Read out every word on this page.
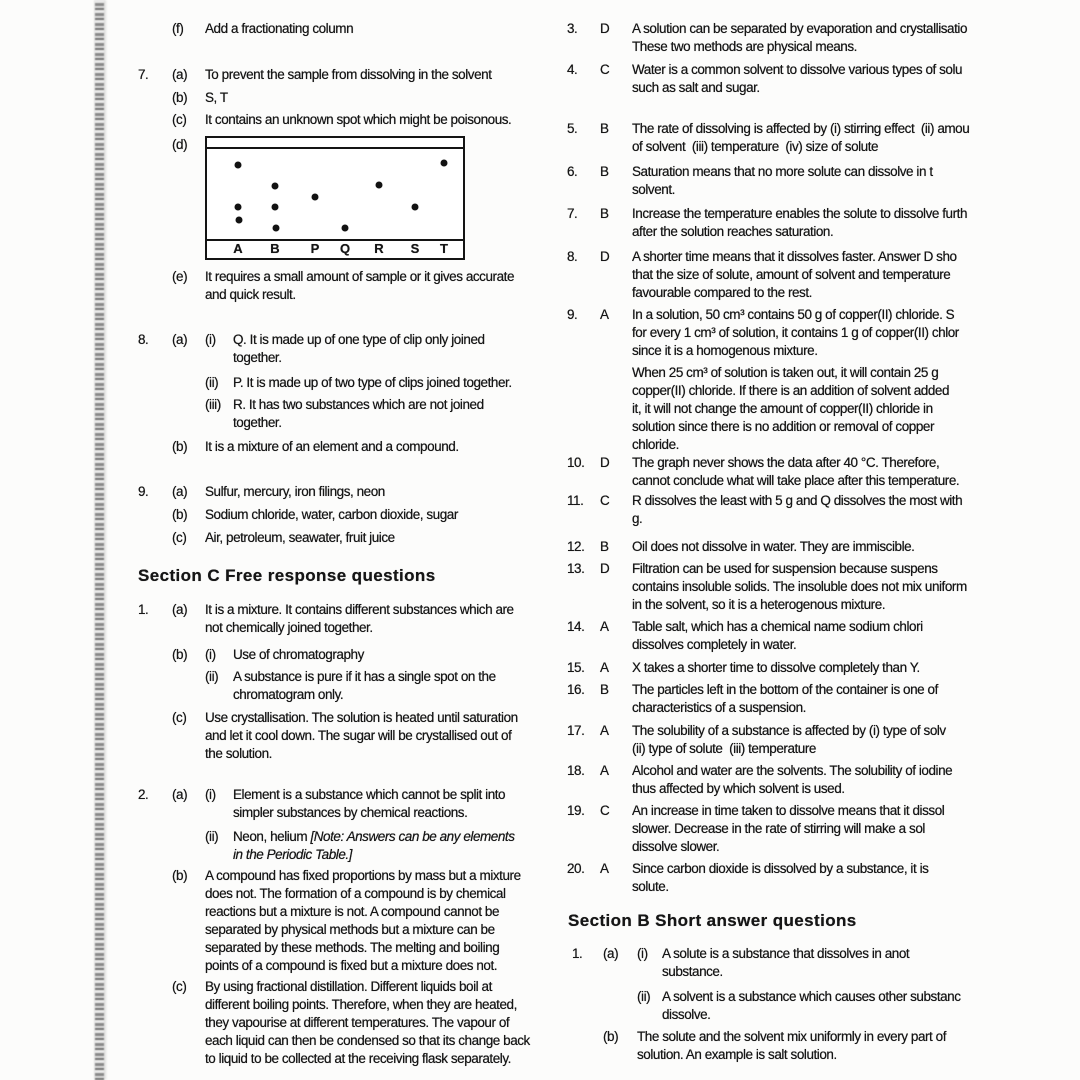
(f)	Add a fractionating column
7.	(a)	To prevent the sample from dissolving in the solvent
(b)	S, T
(c)	It contains an unknown spot which might be poisonous.
(d)
A B P Q R S T
(e)	It requires a small amount of sample or it gives accurate
and quick result.
8.	(a)	(i)	Q. It is made up of one type of clip only joined
together.
(ii)	P. It is made up of two type of clips joined together.
(iii) R. It has two substances which are not joined
together.
(b)	It is a mixture of an element and a compound.
9.	(a)	Sulfur, mercury, iron filings, neon
(b)	Sodium chloride, water, carbon dioxide, sugar
(c)	Air, petroleum, seawater, fruit juice
Section C Free response questions
1.	(a)	It is a mixture. It contains different substances which are
not chemically joined together.
(b)	(i)	Use of chromatography
(ii)	A substance is pure if it has a single spot on the
chromatogram only.
(c)	Use crystallisation. The solution is heated until saturation
and let it cool down. The sugar will be crystallised out of
the solution.
2.	(a)	(i)	Element is a substance which cannot be split into
simpler substances by chemical reactions.
(ii)	Neon, helium [Note: Answers can be any elements
in the Periodic Table.]
(b)	A compound has fixed proportions by mass but a mixture
does not. The formation of a compound is by chemical
reactions but a mixture is not. A compound cannot be
separated by physical methods but a mixture can be
separated by these methods. The melting and boiling
points of a compound is fixed but a mixture does not.
(c)	By using fractional distillation. Different liquids boil at
different boiling points. Therefore, when they are heated,
they vapourise at different temperatures. The vapour of
each liquid can then be condensed so that its change back
to liquid to be collected at the receiving flask separately.
3.	D	A solution can be separated by evaporation and crystallisatio
These two methods are physical means.
4.	C	Water is a common solvent to dissolve various types of solu
such as salt and sugar.
5.	B	The rate of dissolving is affected by (i) stirring effect  (ii) amou
of solvent  (iii) temperature  (iv) size of solute
6.	B	Saturation means that no more solute can dissolve in t
solvent.
7.	B	Increase the temperature enables the solute to dissolve furth
after the solution reaches saturation.
8.	D	A shorter time means that it dissolves faster. Answer D sho
that the size of solute, amount of solvent and temperature
favourable compared to the rest.
9.	A	In a solution, 50 cm³ contains 50 g of copper(II) chloride. S
for every 1 cm³ of solution, it contains 1 g of copper(II) chlor
since it is a homogenous mixture.
When 25 cm³ of solution is taken out, it will contain 25 g
copper(II) chloride. If there is an addition of solvent added
it, it will not change the amount of copper(II) chloride in
solution since there is no addition or removal of copper
chloride.
10.	D	The graph never shows the data after 40 °C. Therefore,
cannot conclude what will take place after this temperature.
11.	C	R dissolves the least with 5 g and Q dissolves the most with
g.
12.	B	Oil does not dissolve in water. They are immiscible.
13.	D	Filtration can be used for suspension because suspens
contains insoluble solids. The insoluble does not mix uniform
in the solvent, so it is a heterogenous mixture.
14.	A	Table salt, which has a chemical name sodium chlori
dissolves completely in water.
15.	A	X takes a shorter time to dissolve completely than Y.
16.	B	The particles left in the bottom of the container is one of
characteristics of a suspension.
17.	A	The solubility of a substance is affected by (i) type of solv
(ii) type of solute  (iii) temperature
18.	A	Alcohol and water are the solvents. The solubility of iodine
thus affected by which solvent is used.
19.	C	An increase in time taken to dissolve means that it dissol
slower. Decrease in the rate of stirring will make a sol
dissolve slower.
20.	A	Since carbon dioxide is dissolved by a substance, it is
solute.
Section B Short answer questions
1.	(a)	(i)	A solute is a substance that dissolves in anot
substance.
(ii) A solvent is a substance which causes other substanc
dissolve.
(b)	The solute and the solvent mix uniformly in every part of
solution. An example is salt solution.
